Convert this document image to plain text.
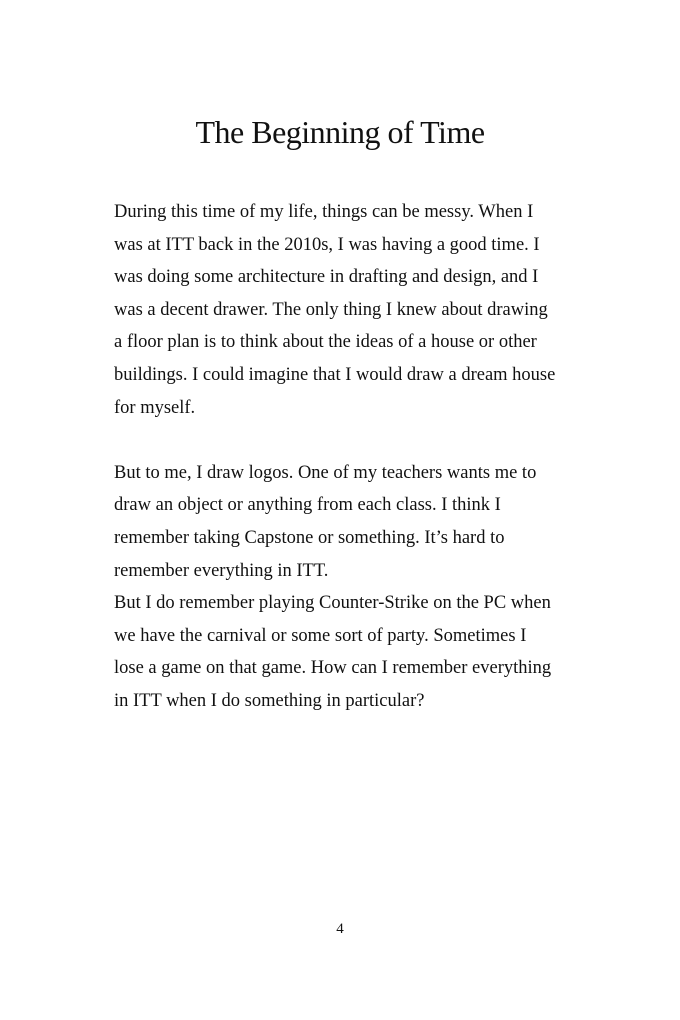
The Beginning of Time
During this time of my life, things can be messy. When I
was at ITT back in the 2010s, I was having a good time. I
was doing some architecture in drafting and design, and I
was a decent drawer. The only thing I knew about drawing
a floor plan is to think about the ideas of a house or other
buildings. I could imagine that I would draw a dream house
for myself.
But to me, I draw logos. One of my teachers wants me to
draw an object or anything from each class. I think I
remember taking Capstone or something. It’s hard to
remember everything in ITT.
But I do remember playing Counter-Strike on the PC when
we have the carnival or some sort of party. Sometimes I
lose a game on that game. How can I remember everything
in ITT when I do something in particular?
4
